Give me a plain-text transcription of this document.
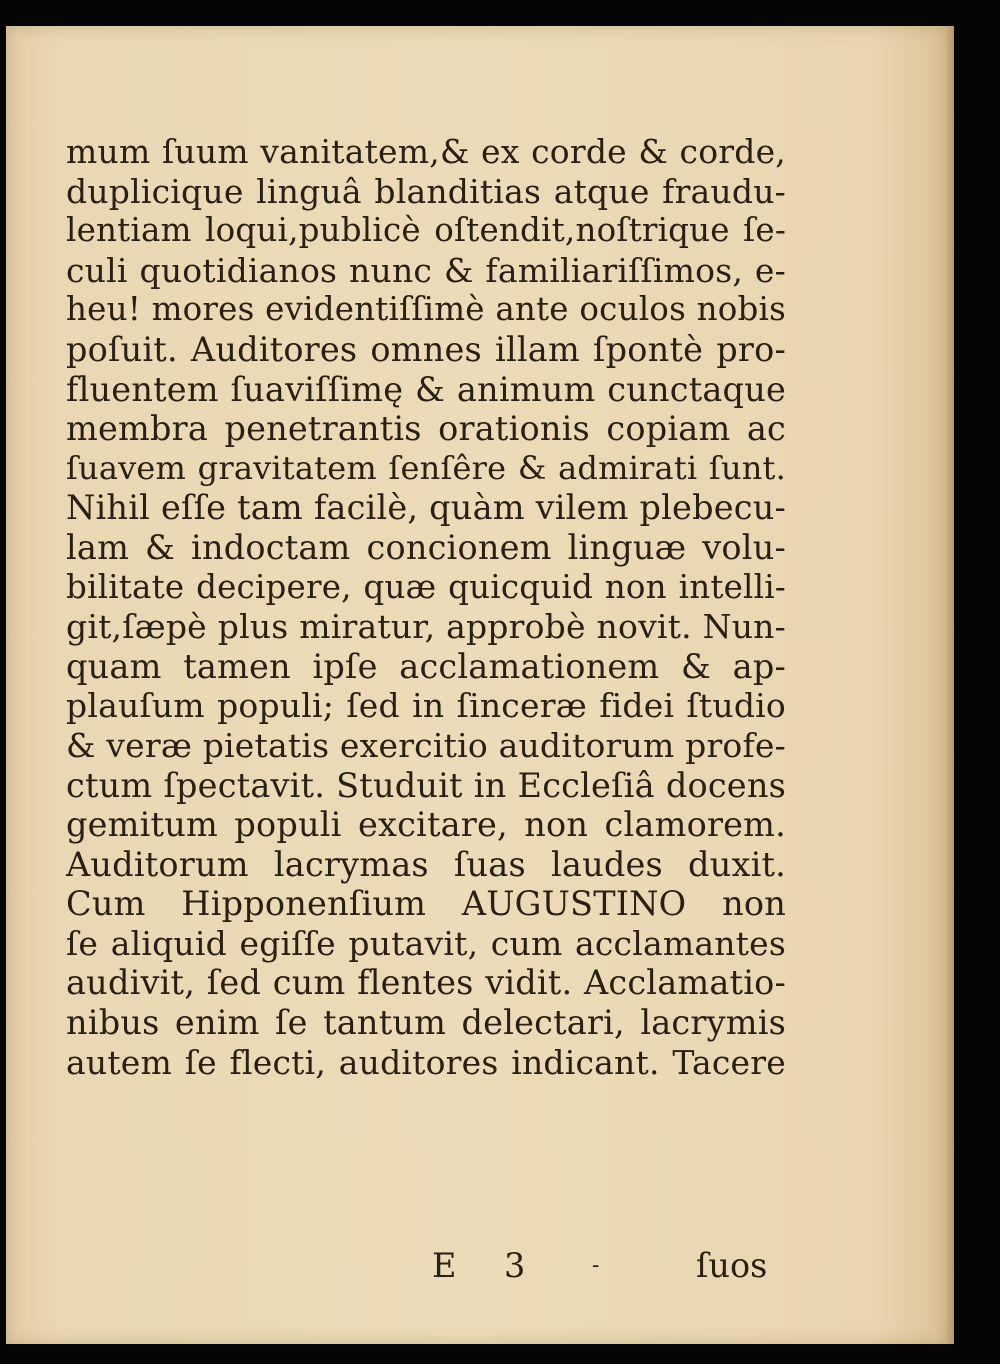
mum ſuum vanitatem,& ex corde & corde,
duplicique linguâ blanditias atque fraudu-
lentiam loqui,publicè oſtendit,noſtrique ſe-
culi quotidianos nunc & familiariſſimos, e-
heu! mores evidentiſſimè ante oculos nobis
poſuit. Auditores omnes illam ſpontè pro-
fluentem ſuaviſſimę & animum cunctaque
membra penetrantis orationis copiam ac
ſuavem gravitatem ſenſêre & admirati ſunt.
Nihil eſſe tam facilè, quàm vilem plebecu-
lam & indoctam concionem linguæ volu-
bilitate decipere, quæ quicquid non intelli-
git,ſæpè plus miratur, approbè novit. Nun-
quam tamen ipſe acclamationem & ap-
plauſum populi; ſed in ſinceræ fidei ſtudio
& veræ pietatis exercitio auditorum profe-
ctum ſpectavit. Studuit in Eccleſiâ docens
gemitum populi excitare, non clamorem.
Auditorum lacrymas ſuas laudes duxit.
Cum Hipponenſium AUGUSTINO non
ſe aliquid egiſſe putavit, cum acclamantes
audivit, ſed cum flentes vidit. Acclamatio-
nibus enim ſe tantum delectari, lacrymis
autem ſe flecti, auditores indicant. Tacere
E 3	-	ſuos
